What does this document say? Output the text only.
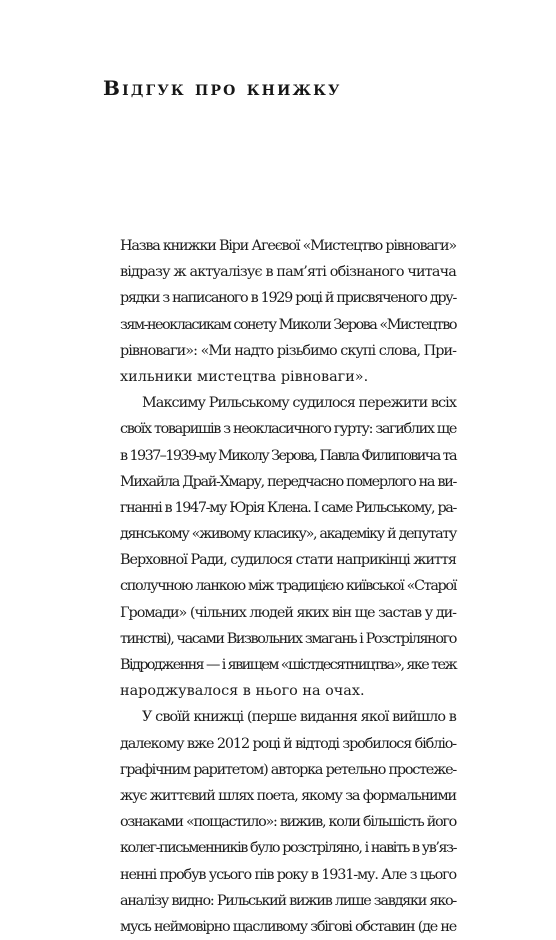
Відгук про книжку
Назва книжки Віри Агеєвої «Мистецтво рівноваги»
відразу ж актуалізує в пам’яті обізнаного читача
рядки з написаного в 1929 році й присвяченого дру-
зям-неокласикам сонету Миколи Зерова «Мистецтво
рівноваги»: «Ми надто різьбимо скупі слова, При-
хильники мистецтва рівноваги».
Максиму Рильському судилося пережити всіх
своїх товаришів з неокласичного гурту: загиблих ще
в 1937–1939-му Миколу Зерова, Павла Филиповича та
Михайла Драй-Хмару, передчасно померлого на ви-
гнанні в 1947-му Юрія Клена. І саме Рильському, ра-
дянському «живому класику», академіку й депутату
Верховної Ради, судилося стати наприкінці життя
сполучною ланкою між традицією київської «Старої
Громади» (чільних людей яких він ще застав у ди-
тинстві), часами Визвольних змагань і Розстріляного
Відродження — і явищем «шістдесятництва», яке теж
народжувалося в нього на очах.
У своїй книжці (перше видання якої вийшло в
далекому вже 2012 році й відтоді зробилося бібліо-
графічним раритетом) авторка ретельно простеже-
жує життєвий шлях поета, якому за формальними
ознаками «пощастило»: вижив, коли більшість його
колег-письменників було розстріляно, і навіть в ув’яз-
ненні пробув усього пів року в 1931-му. Але з цього
аналізу видно: Рильський вижив лише завдяки яко-
мусь неймовірно щасливому збігові обставин (де не
